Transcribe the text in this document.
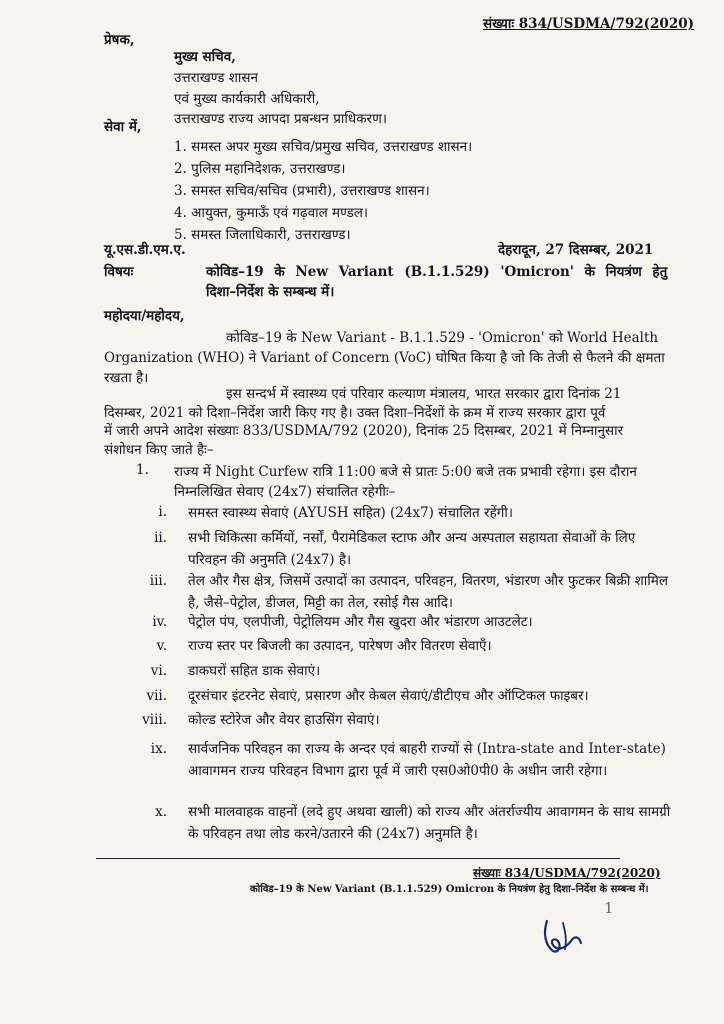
संख्याः 834/USDMA/792(2020)
प्रेषक,
मुख्य सचिव,
उत्तराखण्ड शासन
एवं मुख्य कार्यकारी अधिकारी,
उत्तराखण्ड राज्य आपदा प्रबन्धन प्राधिकरण।
सेवा में,
1. समस्त अपर मुख्य सचिव/प्रमुख सचिव, उत्तराखण्ड शासन।
2. पुलिस महानिदेशक, उत्तराखण्ड।
3. समस्त सचिव/सचिव (प्रभारी), उत्तराखण्ड शासन।
4. आयुक्त, कुमाऊँ एवं गढ़वाल मण्डल।
5. समस्त जिलाधिकारी, उत्तराखण्ड।
यू.एस.डी.एम.ए.	देहरादून, 27 दिसम्बर, 2021
विषयः	कोविड–19 के New Variant (B.1.1.529) 'Omicron' के नियत्रंण हेतु
दिशा–निर्देश के सम्बन्ध में।
महोदया/महोदय,
कोविड–19 के New Variant - B.1.1.529 - 'Omicron' को World Health
Organization (WHO) ने Variant of Concern (VoC) घोषित किया है जो कि तेजी से फैलने की क्षमता
रखता है।
इस सन्दर्भ में स्वास्थ्य एवं परिवार कल्याण मंत्रालय, भारत सरकार द्वारा दिनांक 21
दिसम्बर, 2021 को दिशा–निर्देश जारी किए गए है। उक्त दिशा–निर्देशों के क्रम में राज्य सरकार द्वारा पूर्व
में जारी अपने आदेश संख्याः 833/USDMA/792 (2020), दिनांक 25 दिसम्बर, 2021 में निम्नानुसार
संशोधन किए जाते हैः–
1. राज्य में Night Curfew रात्रि 11:00 बजे से प्रातः 5:00 बजे तक प्रभावी रहेगा। इस दौरान
निम्नलिखित सेवाए (24x7) संचालित रहेगीः–
i. समस्त स्वास्थ्य सेवाएं (AYUSH सहित) (24x7) संचालित रहेंगी।
ii. सभी चिकित्सा कर्मियों, नर्सों, पैरामेडिकल स्टाफ और अन्य अस्पताल सहायता सेवाओं के लिए परिवहन की अनुमति (24x7) है।
iii. तेल और गैस क्षेत्र, जिसमें उत्पादों का उत्पादन, परिवहन, वितरण, भंडारण और फुटकर बिक्री शामिल है, जैसे–पेट्रोल, डीजल, मिट्टी का तेल, रसोई गैस आदि।
iv. पेट्रोल पंप, एलपीजी, पेट्रोलियम और गैस खुदरा और भंडारण आउटलेट।
v. राज्य स्तर पर बिजली का उत्पादन, पारेषण और वितरण सेवाएँ।
vi. डाकघरों सहित डाक सेवाएं।
vii. दूरसंचार इंटरनेट सेवाएं, प्रसारण और केबल सेवाएं/डीटीएच और ऑप्टिकल फाइबर।
viii. कोल्ड स्टोरेज और वेयर हाउसिंग सेवाएं।
ix. सार्वजनिक परिवहन का राज्य के अन्दर एवं बाहरी राज्यों से (Intra-state and Inter-state) आवागमन राज्य परिवहन विभाग द्वारा पूर्व में जारी एस0ओ0पी0 के अधीन जारी रहेगा।
x. सभी मालवाहक वाहनों (लदे हुए अथवा खाली) को राज्य और अंतर्राज्यीय आवागमन के साथ सामग्री के परिवहन तथा लोड करने/उतारने की (24x7) अनुमति है।
संख्याः 834/USDMA/792(2020)
कोविड–19 के New Variant (B.1.1.529) Omicron के नियत्रंण हेतु दिशा–निर्देश के सम्बन्ध में।
1
